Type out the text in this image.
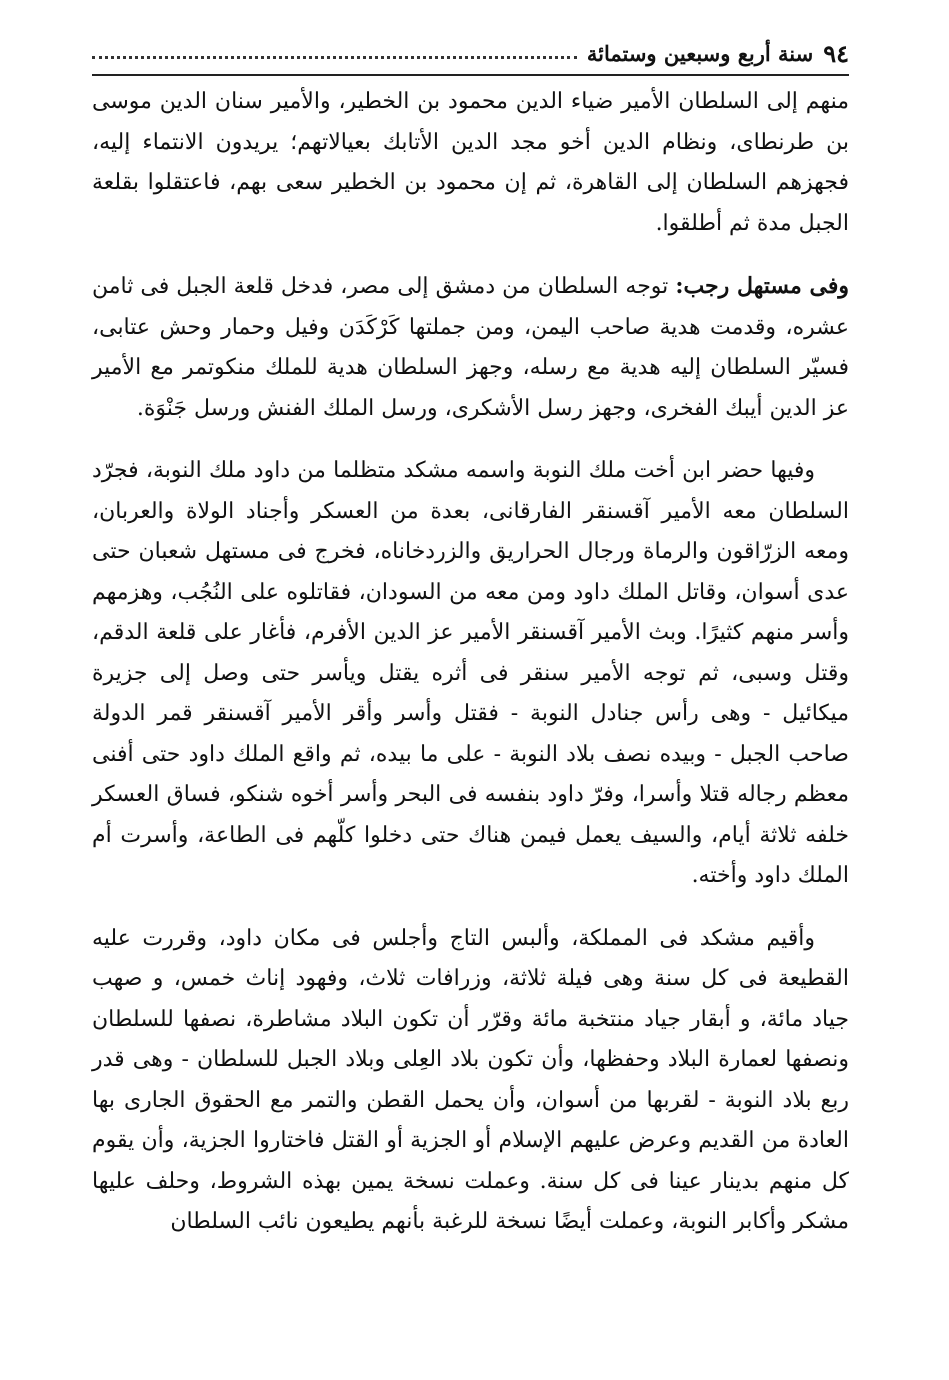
٩٤
سنة أربع وسبعين وستمائة

منهم إلى السلطان الأمير ضياء الدين محمود بن الخطير، والأمير سنان الدين موسى بن طرنطاى، ونظام الدين أخو مجد الدين الأتابك بعيالاتهم؛ يريدون الانتماء إليه، فجهزهم السلطان إلى القاهرة، ثم إن محمود بن الخطير سعى بهم، فاعتقلوا بقلعة الجبل مدة ثم أطلقوا.

وفى مستهل رجب: توجه السلطان من دمشق إلى مصر، فدخل قلعة الجبل فى ثامن عشره، وقدمت هدية صاحب اليمن، ومن جملتها كَرْكَدَن وفيل وحمار وحش عتابى، فسيّر السلطان إليه هدية مع رسله، وجهز السلطان هدية للملك منكوتمر مع الأمير عز الدين أيبك الفخرى، وجهز رسل الأشكرى، ورسل الملك الفنش ورسل جَنْوَة.

وفيها حضر ابن أخت ملك النوبة واسمه مشكد متظلما من داود ملك النوبة، فجرّد السلطان معه الأمير آقسنقر الفارقانى، بعدة من العسكر وأجناد الولاة والعربان، ومعه الزرّاقون والرماة ورجال الحراريق والزردخاناه، فخرج فى مستهل شعبان حتى عدى أسوان، وقاتل الملك داود ومن معه من السودان، فقاتلوه على النُجُب، وهزمهم وأسر منهم كثيرًا. وبث الأمير آقسنقر الأمير عز الدين الأفرم، فأغار على قلعة الدقم، وقتل وسبى، ثم توجه الأمير سنقر فى أثره يقتل ويأسر حتى وصل إلى جزيرة ميكائيل - وهى رأس جنادل النوبة - فقتل وأسر وأقر الأمير آقسنقر قمر الدولة صاحب الجبل - وبيده نصف بلاد النوبة - على ما بيده، ثم واقع الملك داود حتى أفنى معظم رجاله قتلا وأسرا، وفرّ داود بنفسه فى البحر وأسر أخوه شنكو، فساق العسكر خلفه ثلاثة أيام، والسيف يعمل فيمن هناك حتى دخلوا كلّهم فى الطاعة، وأسرت أم الملك داود وأخته.

وأقيم مشكد فى المملكة، وألبس التاج وأجلس فى مكان داود، وقررت عليه القطيعة فى كل سنة وهى فيلة ثلاثة، وزرافات ثلاث، وفهود إناث خمس، و صهب جياد مائة، و أبقار جياد منتخبة مائة وقرّر أن تكون البلاد مشاطرة، نصفها للسلطان ونصفها لعمارة البلاد وحفظها، وأن تكون بلاد العِلى وبلاد الجبل للسلطان - وهى قدر ربع بلاد النوبة - لقربها من أسوان، وأن يحمل القطن والتمر مع الحقوق الجارى بها العادة من القديم وعرض عليهم الإسلام أو الجزية أو القتل فاختاروا الجزية، وأن يقوم كل منهم بدينار عينا فى كل سنة. وعملت نسخة يمين بهذه الشروط، وحلف عليها مشكر وأكابر النوبة، وعملت أيضًا نسخة للرغبة بأنهم يطيعون نائب السلطان
